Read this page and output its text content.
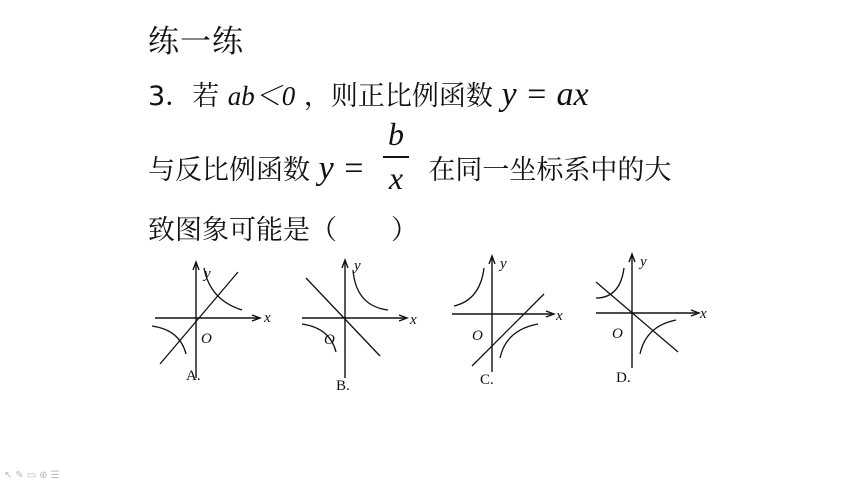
练一练
3．若 ab＜0 ，则正比例函数 y = ax
与反比例函数 y = 在同一坐标系中的大
b
x
致图象可能是（　　）
y
x
O
A.
y
x
O
B.
y
x
O
C.
y
x
O
D.
↖✎▭⊕☰
